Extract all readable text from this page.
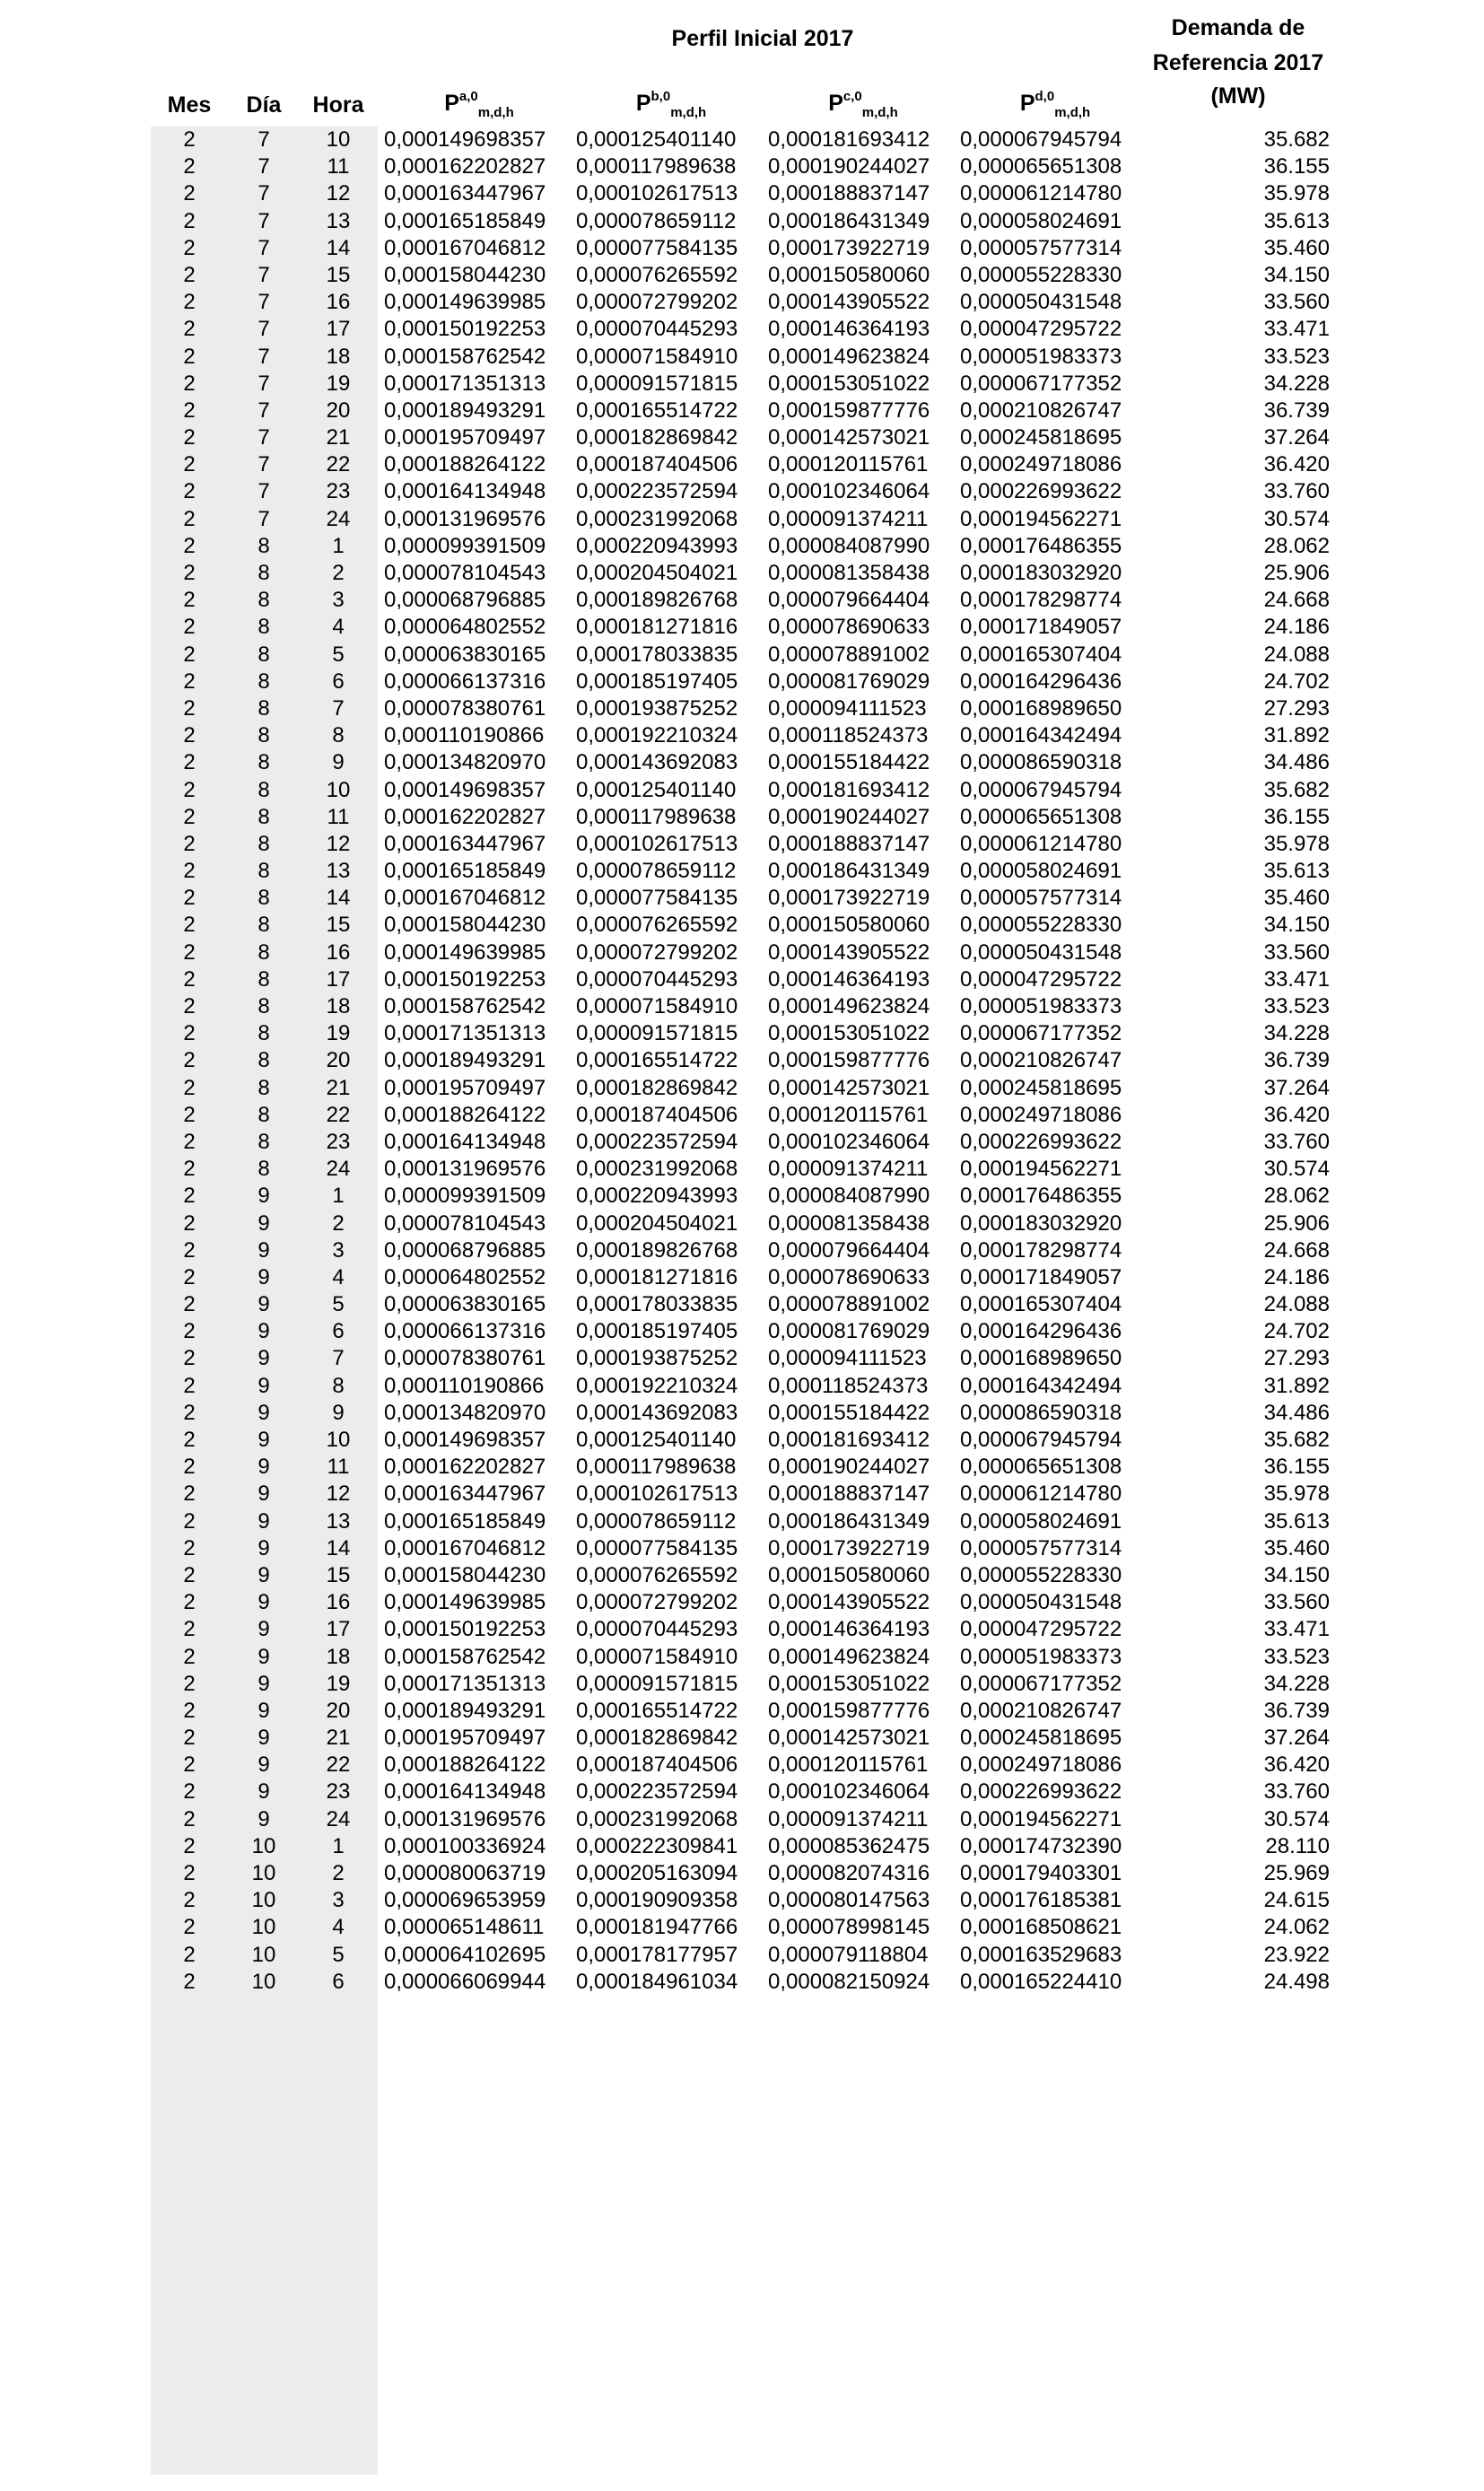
Perfil Inicial 2017
Mes	Día	Hora	P$^{a,0}_{m,d,h}$	P$^{b,0}_{m,d,h}$	P$^{c,0}_{m,d,h}$	P$^{d,0}_{m,d,h}$
Demanda de
Referencia 2017
(MW)
2	7	10	0,000149698357	0,000125401140	0,000181693412	0,000067945794	35.682
2	7	11	0,000162202827	0,000117989638	0,000190244027	0,000065651308	36.155
2	7	12	0,000163447967	0,000102617513	0,000188837147	0,000061214780	35.978
2	7	13	0,000165185849	0,000078659112	0,000186431349	0,000058024691	35.613
2	7	14	0,000167046812	0,000077584135	0,000173922719	0,000057577314	35.460
2	7	15	0,000158044230	0,000076265592	0,000150580060	0,000055228330	34.150
2	7	16	0,000149639985	0,000072799202	0,000143905522	0,000050431548	33.560
2	7	17	0,000150192253	0,000070445293	0,000146364193	0,000047295722	33.471
2	7	18	0,000158762542	0,000071584910	0,000149623824	0,000051983373	33.523
2	7	19	0,000171351313	0,000091571815	0,000153051022	0,000067177352	34.228
2	7	20	0,000189493291	0,000165514722	0,000159877776	0,000210826747	36.739
2	7	21	0,000195709497	0,000182869842	0,000142573021	0,000245818695	37.264
2	7	22	0,000188264122	0,000187404506	0,000120115761	0,000249718086	36.420
2	7	23	0,000164134948	0,000223572594	0,000102346064	0,000226993622	33.760
2	7	24	0,000131969576	0,000231992068	0,000091374211	0,000194562271	30.574
2	8	1	0,000099391509	0,000220943993	0,000084087990	0,000176486355	28.062
2	8	2	0,000078104543	0,000204504021	0,000081358438	0,000183032920	25.906
2	8	3	0,000068796885	0,000189826768	0,000079664404	0,000178298774	24.668
2	8	4	0,000064802552	0,000181271816	0,000078690633	0,000171849057	24.186
2	8	5	0,000063830165	0,000178033835	0,000078891002	0,000165307404	24.088
2	8	6	0,000066137316	0,000185197405	0,000081769029	0,000164296436	24.702
2	8	7	0,000078380761	0,000193875252	0,000094111523	0,000168989650	27.293
2	8	8	0,000110190866	0,000192210324	0,000118524373	0,000164342494	31.892
2	8	9	0,000134820970	0,000143692083	0,000155184422	0,000086590318	34.486
2	8	10	0,000149698357	0,000125401140	0,000181693412	0,000067945794	35.682
2	8	11	0,000162202827	0,000117989638	0,000190244027	0,000065651308	36.155
2	8	12	0,000163447967	0,000102617513	0,000188837147	0,000061214780	35.978
2	8	13	0,000165185849	0,000078659112	0,000186431349	0,000058024691	35.613
2	8	14	0,000167046812	0,000077584135	0,000173922719	0,000057577314	35.460
2	8	15	0,000158044230	0,000076265592	0,000150580060	0,000055228330	34.150
2	8	16	0,000149639985	0,000072799202	0,000143905522	0,000050431548	33.560
2	8	17	0,000150192253	0,000070445293	0,000146364193	0,000047295722	33.471
2	8	18	0,000158762542	0,000071584910	0,000149623824	0,000051983373	33.523
2	8	19	0,000171351313	0,000091571815	0,000153051022	0,000067177352	34.228
2	8	20	0,000189493291	0,000165514722	0,000159877776	0,000210826747	36.739
2	8	21	0,000195709497	0,000182869842	0,000142573021	0,000245818695	37.264
2	8	22	0,000188264122	0,000187404506	0,000120115761	0,000249718086	36.420
2	8	23	0,000164134948	0,000223572594	0,000102346064	0,000226993622	33.760
2	8	24	0,000131969576	0,000231992068	0,000091374211	0,000194562271	30.574
2	9	1	0,000099391509	0,000220943993	0,000084087990	0,000176486355	28.062
2	9	2	0,000078104543	0,000204504021	0,000081358438	0,000183032920	25.906
2	9	3	0,000068796885	0,000189826768	0,000079664404	0,000178298774	24.668
2	9	4	0,000064802552	0,000181271816	0,000078690633	0,000171849057	24.186
2	9	5	0,000063830165	0,000178033835	0,000078891002	0,000165307404	24.088
2	9	6	0,000066137316	0,000185197405	0,000081769029	0,000164296436	24.702
2	9	7	0,000078380761	0,000193875252	0,000094111523	0,000168989650	27.293
2	9	8	0,000110190866	0,000192210324	0,000118524373	0,000164342494	31.892
2	9	9	0,000134820970	0,000143692083	0,000155184422	0,000086590318	34.486
2	9	10	0,000149698357	0,000125401140	0,000181693412	0,000067945794	35.682
2	9	11	0,000162202827	0,000117989638	0,000190244027	0,000065651308	36.155
2	9	12	0,000163447967	0,000102617513	0,000188837147	0,000061214780	35.978
2	9	13	0,000165185849	0,000078659112	0,000186431349	0,000058024691	35.613
2	9	14	0,000167046812	0,000077584135	0,000173922719	0,000057577314	35.460
2	9	15	0,000158044230	0,000076265592	0,000150580060	0,000055228330	34.150
2	9	16	0,000149639985	0,000072799202	0,000143905522	0,000050431548	33.560
2	9	17	0,000150192253	0,000070445293	0,000146364193	0,000047295722	33.471
2	9	18	0,000158762542	0,000071584910	0,000149623824	0,000051983373	33.523
2	9	19	0,000171351313	0,000091571815	0,000153051022	0,000067177352	34.228
2	9	20	0,000189493291	0,000165514722	0,000159877776	0,000210826747	36.739
2	9	21	0,000195709497	0,000182869842	0,000142573021	0,000245818695	37.264
2	9	22	0,000188264122	0,000187404506	0,000120115761	0,000249718086	36.420
2	9	23	0,000164134948	0,000223572594	0,000102346064	0,000226993622	33.760
2	9	24	0,000131969576	0,000231992068	0,000091374211	0,000194562271	30.574
2	10	1	0,000100336924	0,000222309841	0,000085362475	0,000174732390	28.110
2	10	2	0,000080063719	0,000205163094	0,000082074316	0,000179403301	25.969
2	10	3	0,000069653959	0,000190909358	0,000080147563	0,000176185381	24.615
2	10	4	0,000065148611	0,000181947766	0,000078998145	0,000168508621	24.062
2	10	5	0,000064102695	0,000178177957	0,000079118804	0,000163529683	23.922
2	10	6	0,000066069944	0,000184961034	0,000082150924	0,000165224410	24.498
